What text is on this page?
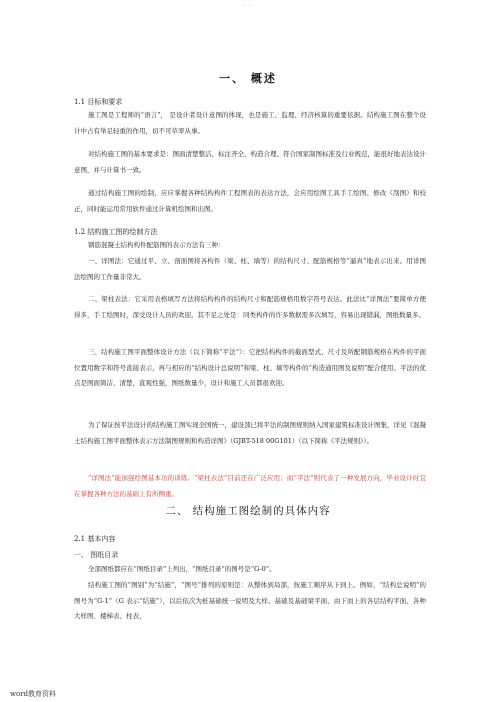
· ·
一、 概述
1.1 目标和要求
施工图是工程师的“语言”， 是设计者设计意图的体现，也是施工、监理、经济核算的重要依据。结构施工图在整个设计中占有举足轻重的作用，切不可草率从事。
对结构施工图的基本要求是：图面清楚整洁、标注齐全、构造合理、符合国家制图标准及行业规范，能很好地表达设计意图，并与计算书一致。
通过结构施工图的绘制，应应掌握各种结构构件工程图表的表达方法，会应用绘图工具手工绘图、修改（刮图）和校正，同时能运用常用软件通过计算机绘图和出图。
1.2 结构施工图的绘制方法
钢筋混凝土结构构件配筋图的表示方法有三种：
一、详图法：它通过平、立、剖面图将各构件（梁、柱、墙等）的结构尺寸、配筋规格等“逼真”地表示出来。用详图法绘图的工作量非常大。
二、梁柱表法：它采用表格填写方法将结构构件的结构尺寸和配筋规格用数字符号表达。此法比“详图法”要简单方便得多，手工绘图时，深受设计人员的欢迎。其不足之处是：同类构件的许多数据需多次填写，容易出现错漏，图纸数量多。
三、结构施工图平面整体设计方法（以下简称“平法”）：它把结构构件的截面型式、尺寸及所配钢筋规格在构件的平面位置用数字和符号直接表示，再与相应的“结构设计总说明”和梁、柱、墙等构件的“构造通用图及说明”配合使用。平法的优点是图面简洁、清楚，直观性强，图纸数量少，设计和施工人员都很欢迎。
为了保证按平法设计的结构施工图实现全国统一，建设部已将平法的制图规则纳入国家建筑标准设计图集，详见《混凝土结构施工图平面整体表示方法制图规则和构造详图》（GJBT-518 00G101）（以下简称《平法规则》）。
“详图法”能加强绘图基本功的训练；“梁柱表法”目前还在广泛应用；而“平法”则代表了一种发展方向，毕业设计时宜在掌握各种方法的基础上有所侧重。
二、 结构施工图绘制的具体内容
2.1 基本内容
一、 图纸目录
全部图纸都应在“图纸目录”上列出，“图纸目录”的图号是“G-0”。
结构施工图的“图别”为“结施”，“图号”排列的原则是：从整体到局部，按施工顺序从下到上。例如，“结构总说明”的图号为“G-1”（G 表示“结施”），以后依次为桩基础统一说明及大样、基础及基础梁平面、由下而上的各层结构平面、各种大样图、楼梯表、柱表、
word教育资料
